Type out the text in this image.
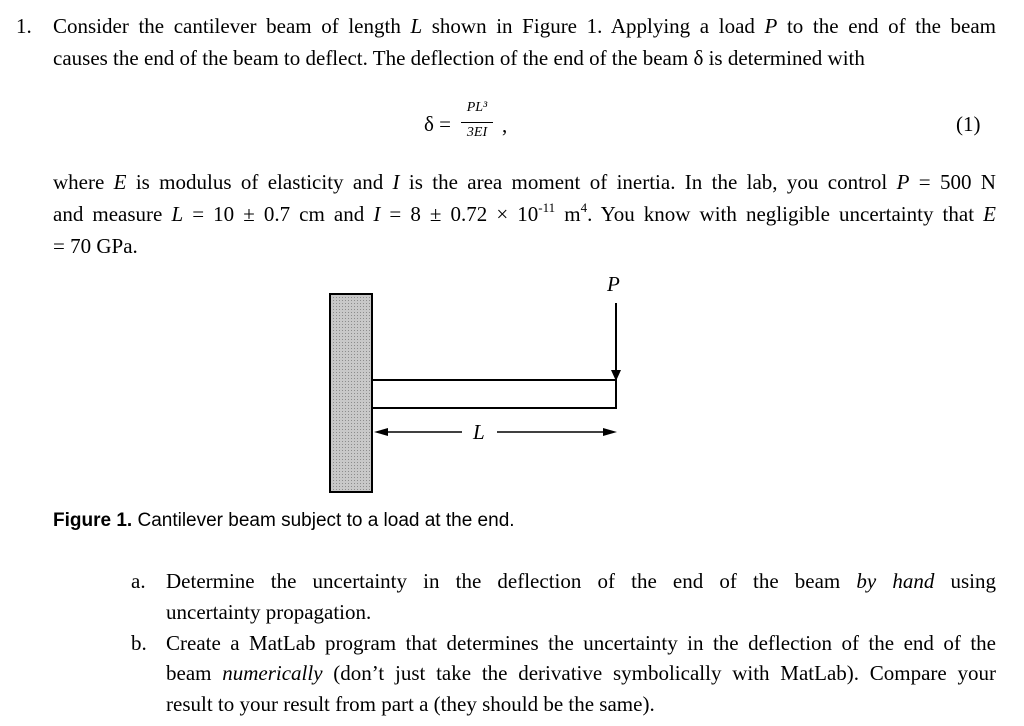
1. Consider the cantilever beam of length L shown in Figure 1. Applying a load P to the end of the beam
causes the end of the beam to deflect. The deflection of the end of the beam δ is determined with
δ =
PL³
3EI ,	(1)
where E is modulus of elasticity and I is the area moment of inertia. In the lab, you control P = 500 N
and measure L = 10 ± 0.7 cm and $I = 8 \pm 0.72 \times 10^{-11}$ $m^4$. You know with negligible uncertainty that E
= 70 GPa.
P
L
Figure 1. Cantilever beam subject to a load at the end.
a. Determine the uncertainty in the deflection of the end of the beam by hand using
uncertainty propagation.
b. Create a MatLab program that determines the uncertainty in the deflection of the end of the
beam numerically (don’t just take the derivative symbolically with MatLab). Compare your
result to your result from part a (they should be the same).
